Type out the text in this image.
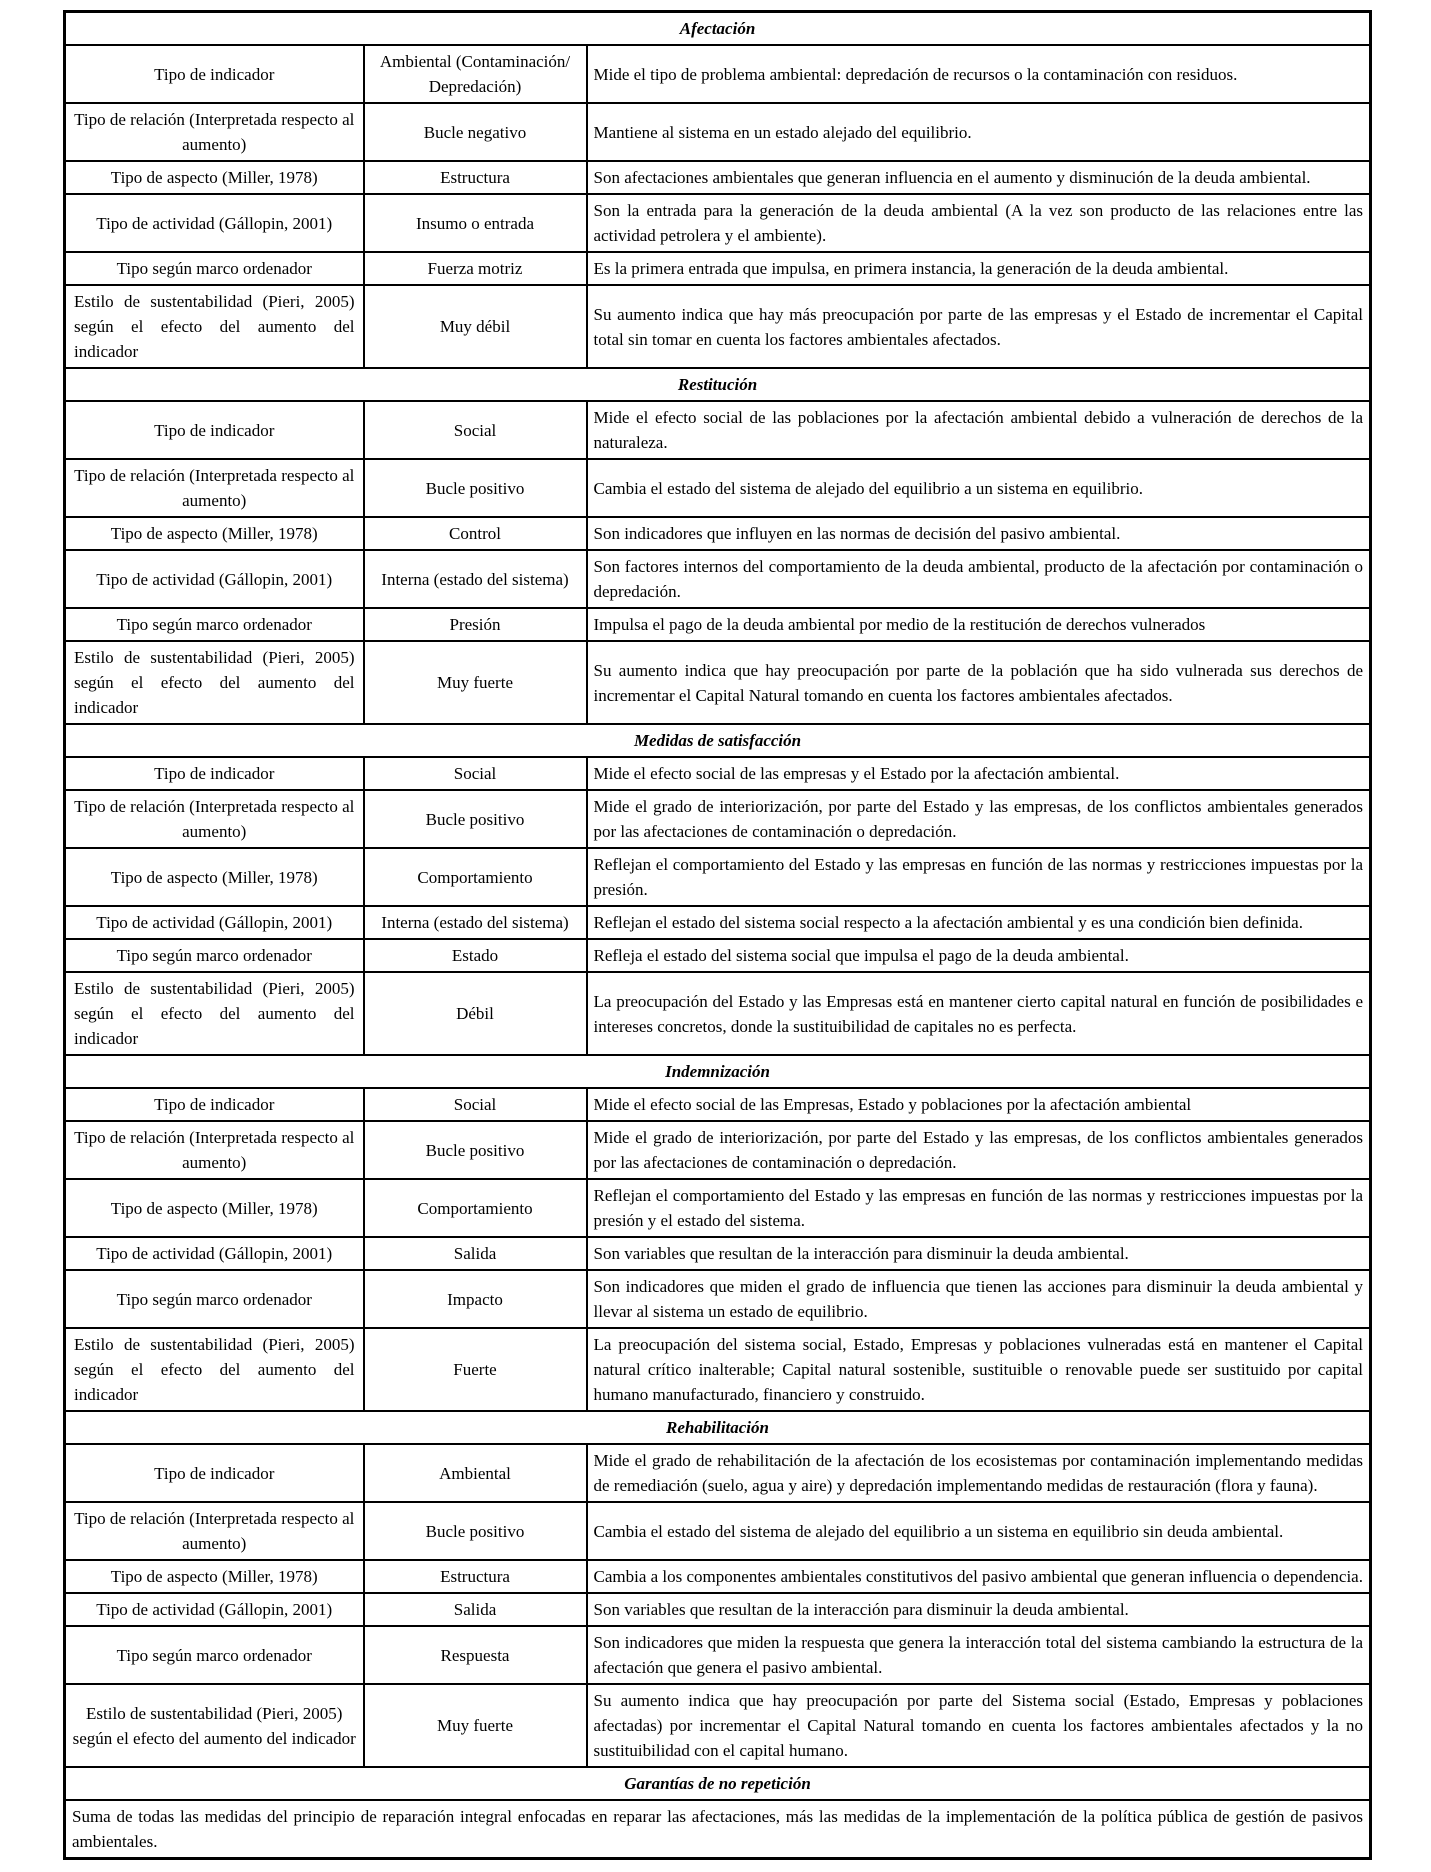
Afectación		
Tipo de indicador	Ambiental (Contaminación/ Depredación)	Mide el tipo de problema ambiental: depredación de recursos o la contaminación con residuos.
Tipo de relación (Interpretada respecto al aumento)	Bucle negativo	Mantiene al sistema en un estado alejado del equilibrio.
Tipo de aspecto (Miller, 1978)	Estructura	Son afectaciones ambientales que generan influencia en el aumento y disminución de la deuda ambiental.
Tipo de actividad (Gállopin, 2001)	Insumo o entrada	Son la entrada para la generación de la deuda ambiental (A la vez son producto de las relaciones entre las actividad petrolera y el ambiente).
Tipo según marco ordenador	Fuerza motriz	Es la primera entrada que impulsa, en primera instancia, la generación de la deuda ambiental.
Estilo de sustentabilidad (Pieri, 2005) según el efecto del aumento del indicador	Muy débil	Su aumento indica que hay más preocupación por parte de las empresas y el Estado de incrementar el Capital total sin tomar en cuenta los factores ambientales afectados.
Restitución		
Tipo de indicador	Social	Mide el efecto social de las poblaciones por la afectación ambiental debido a vulneración de derechos de la naturaleza.
Tipo de relación (Interpretada respecto al aumento)	Bucle positivo	Cambia el estado del sistema de alejado del equilibrio a un sistema en equilibrio.
Tipo de aspecto (Miller, 1978)	Control	Son indicadores que influyen en las normas de decisión del pasivo ambiental.
Tipo de actividad (Gállopin, 2001)	Interna (estado del sistema)	Son factores internos del comportamiento de la deuda ambiental, producto de la afectación por contaminación o depredación.
Tipo según marco ordenador	Presión	Impulsa el pago de la deuda ambiental por medio de la restitución de derechos vulnerados
Estilo de sustentabilidad (Pieri, 2005) según el efecto del aumento del indicador	Muy fuerte	Su aumento indica que hay preocupación por parte de la población que ha sido vulnerada sus derechos de incrementar el Capital Natural tomando en cuenta los factores ambientales afectados.
Medidas de satisfacción		
Tipo de indicador	Social	Mide el efecto social de las empresas y el Estado por la afectación ambiental.
Tipo de relación (Interpretada respecto al aumento)	Bucle positivo	Mide el grado de interiorización, por parte del Estado y las empresas, de los conflictos ambientales generados por las afectaciones de contaminación o depredación.
Tipo de aspecto (Miller, 1978)	Comportamiento	Reflejan el comportamiento del Estado y las empresas en función de las normas y restricciones impuestas por la presión.
Tipo de actividad (Gállopin, 2001)	Interna (estado del sistema)	Reflejan el estado del sistema social respecto a la afectación ambiental y es una condición bien definida.
Tipo según marco ordenador	Estado	Refleja el estado del sistema social que impulsa el pago de la deuda ambiental.
Estilo de sustentabilidad (Pieri, 2005) según el efecto del aumento del indicador	Débil	La preocupación del Estado y las Empresas está en mantener cierto capital natural en función de posibilidades e intereses concretos, donde la sustituibilidad de capitales no es perfecta.
Indemnización		
Tipo de indicador	Social	Mide el efecto social de las Empresas, Estado y poblaciones por la afectación ambiental
Tipo de relación (Interpretada respecto al aumento)	Bucle positivo	Mide el grado de interiorización, por parte del Estado y las empresas, de los conflictos ambientales generados por las afectaciones de contaminación o depredación.
Tipo de aspecto (Miller, 1978)	Comportamiento	Reflejan el comportamiento del Estado y las empresas en función de las normas y restricciones impuestas por la presión y el estado del sistema.
Tipo de actividad (Gállopin, 2001)	Salida	Son variables que resultan de la interacción para disminuir la deuda ambiental.
Tipo según marco ordenador	Impacto	Son indicadores que miden el grado de influencia que tienen las acciones para disminuir la deuda ambiental y llevar al sistema un estado de equilibrio.
Estilo de sustentabilidad (Pieri, 2005) según el efecto del aumento del indicador	Fuerte	La preocupación del sistema social, Estado, Empresas y poblaciones vulneradas está en mantener el Capital natural crítico inalterable; Capital natural sostenible, sustituible o renovable puede ser sustituido por capital humano manufacturado, financiero y construido.
Rehabilitación		
Tipo de indicador	Ambiental	Mide el grado de rehabilitación de la afectación de los ecosistemas por contaminación implementando medidas de remediación (suelo, agua y aire) y depredación implementando medidas de restauración (flora y fauna).
Tipo de relación (Interpretada respecto al aumento)	Bucle positivo	Cambia el estado del sistema de alejado del equilibrio a un sistema en equilibrio sin deuda ambiental.
Tipo de aspecto (Miller, 1978)	Estructura	Cambia a los componentes ambientales constitutivos del pasivo ambiental que generan influencia o dependencia.
Tipo de actividad (Gállopin, 2001)	Salida	Son variables que resultan de la interacción para disminuir la deuda ambiental.
Tipo según marco ordenador	Respuesta	Son indicadores que miden la respuesta que genera la interacción total del sistema cambiando la estructura de la afectación que genera el pasivo ambiental.
Estilo de sustentabilidad (Pieri, 2005) según el efecto del aumento del indicador	Muy fuerte	Su aumento indica que hay preocupación por parte del Sistema social (Estado, Empresas y poblaciones afectadas) por incrementar el Capital Natural tomando en cuenta los factores ambientales afectados y la no sustituibilidad con el capital humano.
Garantías de no repetición		
Suma de todas las medidas del principio de reparación integral enfocadas en reparar las afectaciones, más las medidas de la implementación de la política pública de gestión de pasivos ambientales.		
